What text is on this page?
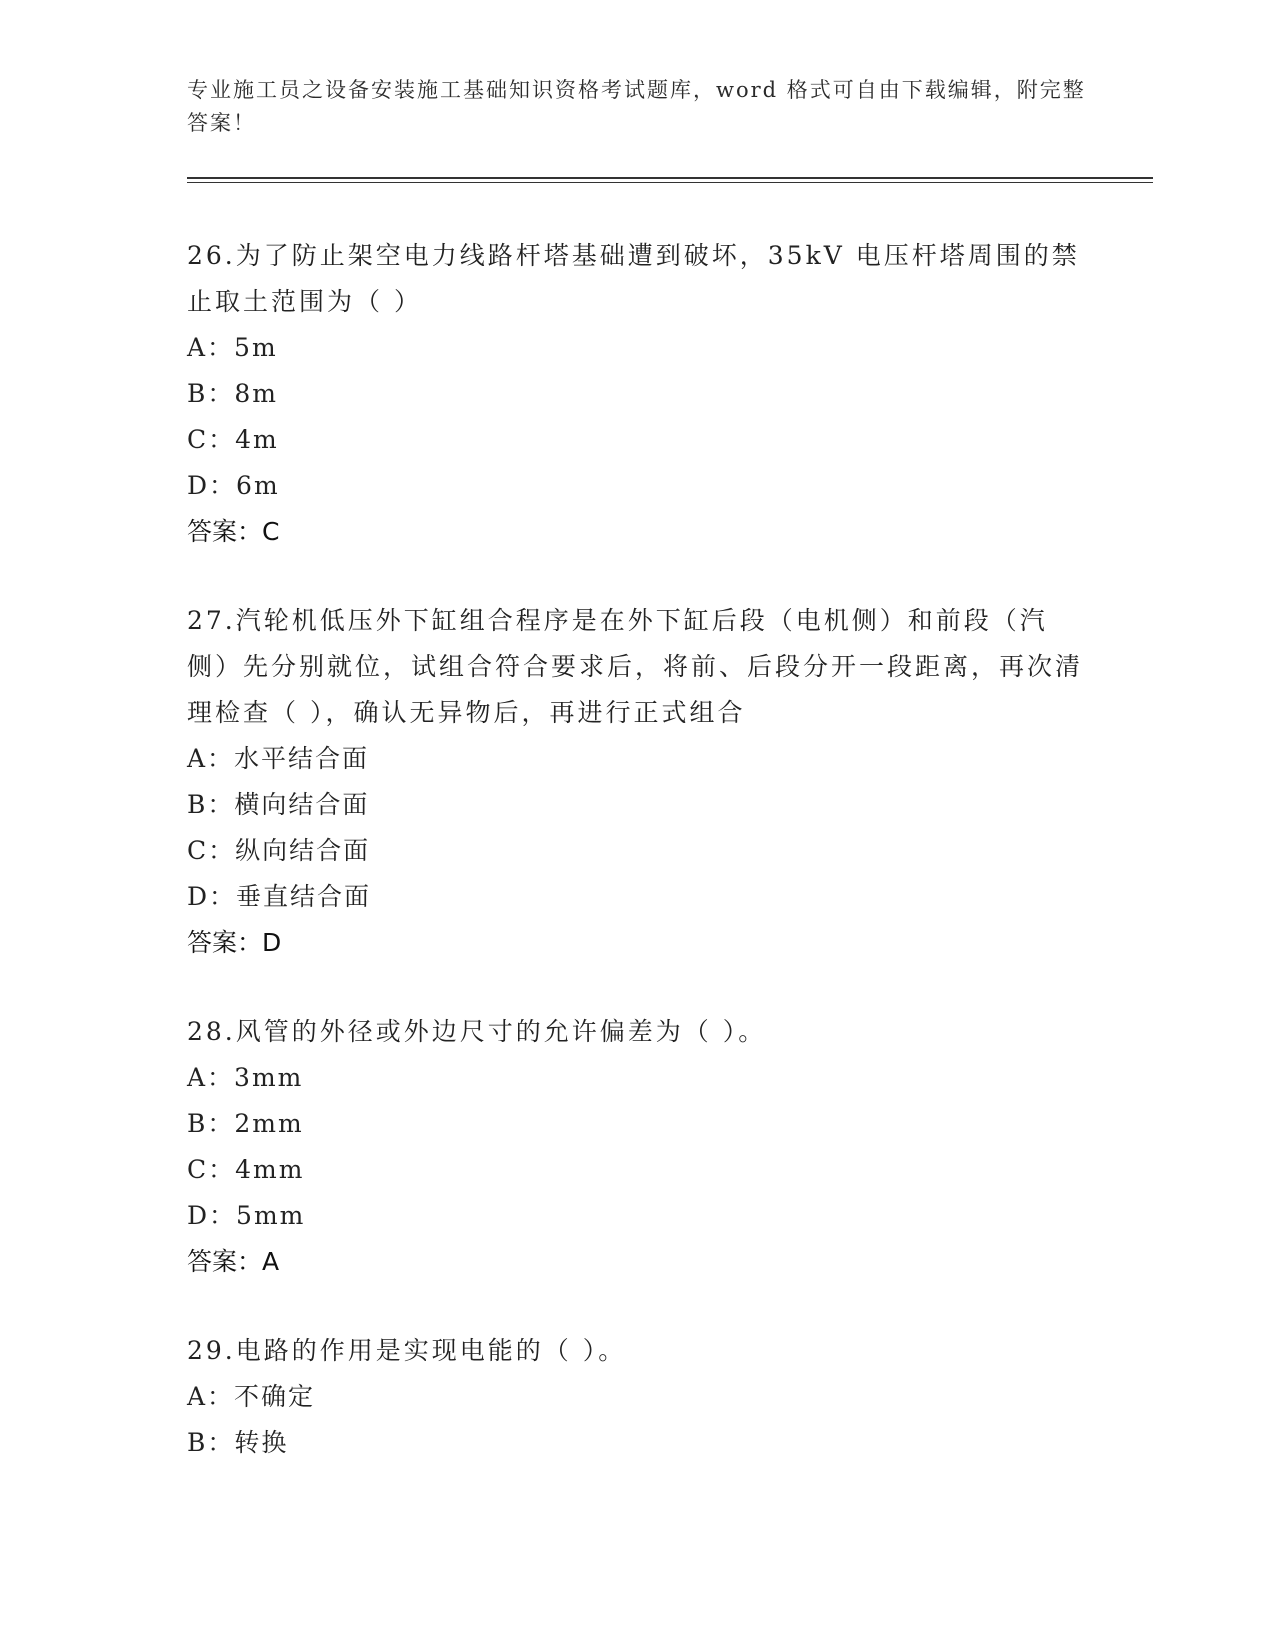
专业施工员之设备安装施工基础知识资格考试题库，word 格式可自由下载编辑，附完整答案！

26.为了防止架空电力线路杆塔基础遭到破坏，35kV 电压杆塔周围的禁止取土范围为（ ）

A：5m

B：8m

C：4m

D：6m

答案：C

27.汽轮机低压外下缸组合程序是在外下缸后段（电机侧）和前段（汽侧）先分别就位，试组合符合要求后，将前、后段分开一段距离，再次清理检查（ ），确认无异物后，再进行正式组合

A：水平结合面

B：横向结合面

C：纵向结合面

D：垂直结合面

答案：D

28.风管的外径或外边尺寸的允许偏差为（ ）。

A：3mm

B：2mm

C：4mm

D：5mm

答案：A

29.电路的作用是实现电能的（ ）。

A：不确定

B：转换
